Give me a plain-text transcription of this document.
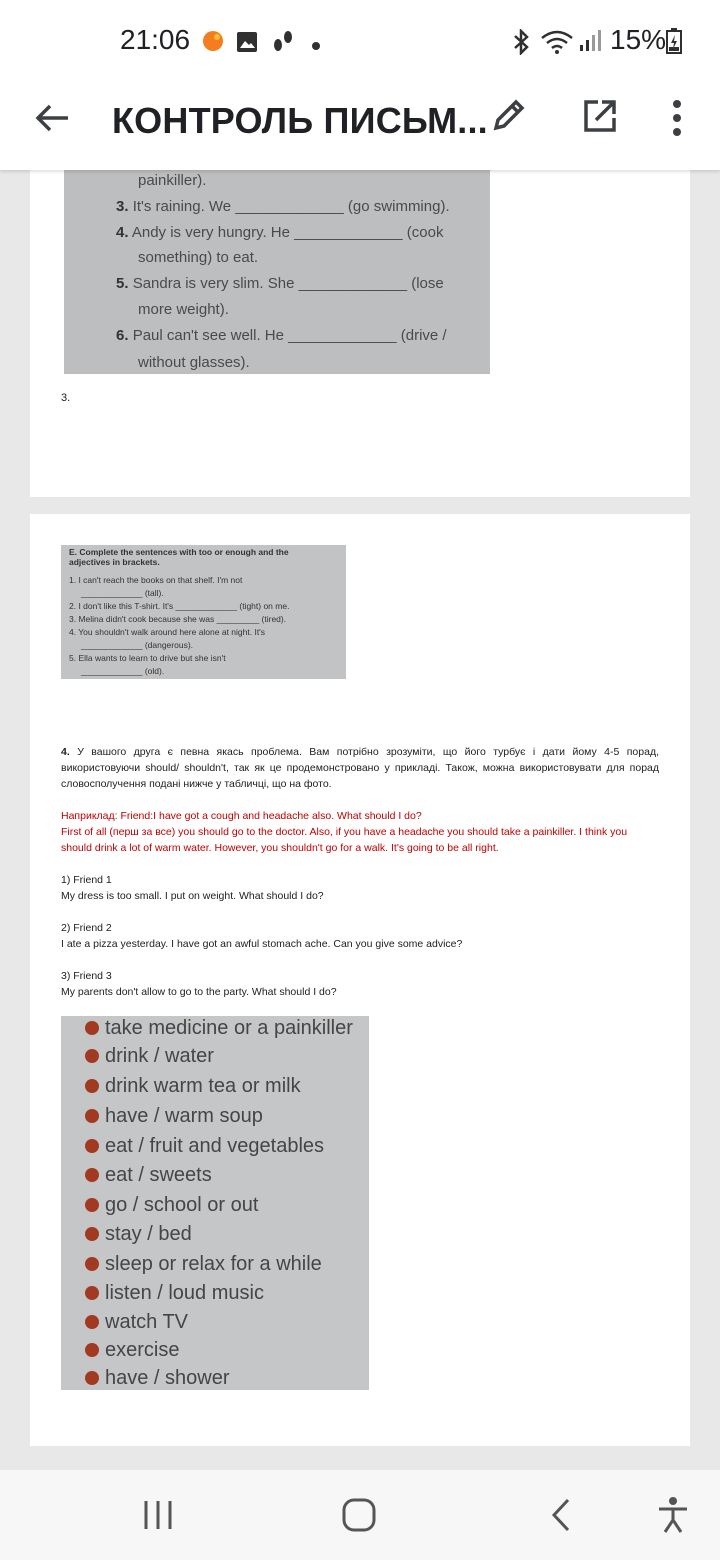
21:06	15%
КОНТРОЛЬ ПИСЬМ...
painkiller).
3. It's raining. We _____________ (go swimming).
4. Andy is very hungry. He _____________ (cook
something) to eat.
5. Sandra is very slim. She _____________ (lose
more weight).
6. Paul can't see well. He _____________ (drive /
without glasses).
3.
E. Complete the sentences with too or enough and the
adjectives in brackets.
1. I can't reach the books on that shelf. I'm not
_____________ (tall).
2. I don't like this T-shirt. It's _____________ (tight) on me.
3. Melina didn't cook because she was _________ (tired).
4. You shouldn't walk around here alone at night. It's
_____________ (dangerous).
5. Ella wants to learn to drive but she isn't
_____________ (old).
4. У вашого друга є певна якась проблема. Вам потрібно зрозуміти, що його турбує і дати йому 4-5 порад, використовуючи should/ shouldn't, так як це продемонстровано у прикладі. Також, можна використовувати для порад словосполучення подані нижче у табличці, що на фото.
Наприклад: Friend:I have got a cough and headache also. What should I do?
First of all (перш за все) you should go to the doctor. Also, if you have a headache you should take a painkiller. I think you should drink a lot of warm water. However, you shouldn't go for a walk. It's going to be all right.
1) Friend 1
My dress is too small. I put on weight. What should I do?
2) Friend 2
I ate a pizza yesterday. I have got an awful stomach ache. Can you give some advice?
3) Friend 3
My parents don't allow to go to the party. What should I do?
take medicine or a painkiller
drink / water
drink warm tea or milk
have / warm soup
eat / fruit and vegetables
eat / sweets
go / school or out
stay / bed
sleep or relax for a while
listen / loud music
watch TV
exercise
have / shower
